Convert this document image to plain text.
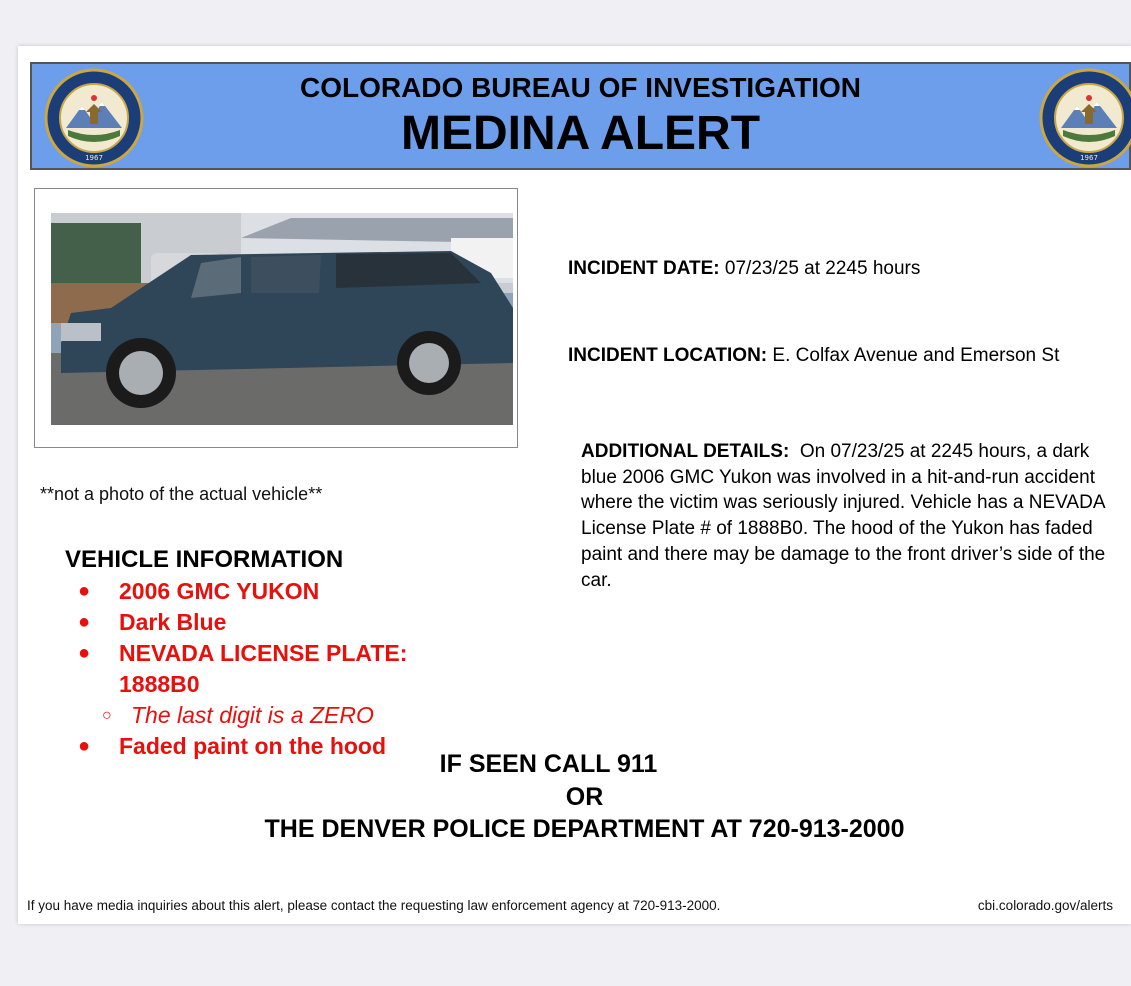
1967
COLORADO BUREAU OF INVESTIGATION
MEDINA ALERT	1967
**not a photo of the actual vehicle**
VEHICLE INFORMATION
● 2006 GMC YUKON
● Dark Blue
● NEVADA LICENSE PLATE:
1888B0
○ The last digit is a ZERO
● Faded paint on the hood
INCIDENT DATE: 07/23/25 at 2245 hours
INCIDENT LOCATION: E. Colfax Avenue and Emerson St
ADDITIONAL DETAILS: On 07/23/25 at 2245 hours, a dark blue 2006 GMC Yukon was involved in a hit-and-run accident where the victim was seriously injured. Vehicle has a NEVADA License Plate # of 1888B0. The hood of the Yukon has faded paint and there may be damage to the front driver’s side of the car.
If you have media inquiries about this alert, please contact the requesting law enforcement agency at 720-913-2000.	cbi.colorado.gov/alerts
IF SEEN CALL 911
OR
THE DENVER POLICE DEPARTMENT AT 720-913-2000
